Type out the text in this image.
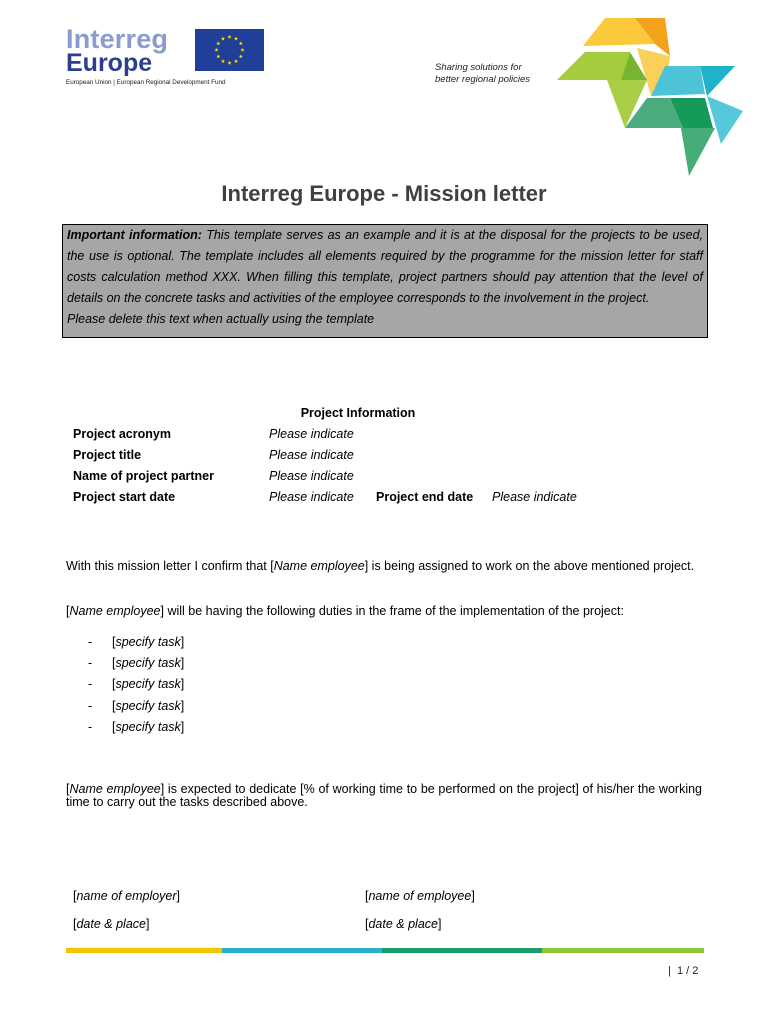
Interreg
Europe
European Union | European Regional Development Fund
Sharing solutions for
better regional policies
Interreg Europe - Mission letter

Important information: This template serves as an example and it is at the disposal for the projects to be used, the use is optional. The template includes all elements required by the programme for the mission letter for staff costs calculation method XXX. When filling this template, project partners should pay attention that the level of details on the concrete tasks and activities of the employee corresponds to the involvement in the project.

Please delete this text when actually using the template

Project Information
Project acronym	Please indicate
Project title	Please indicate
Name of project partner	Please indicate
Project start date	Please indicate Project end date Please indicate
With this mission letter I confirm that [Name employee] is being assigned to work on the above mentioned project.
[Name employee] will be having the following duties in the frame of the implementation of the project:
- [specify task]
- [specify task]
- [specify task]
- [specify task]
- [specify task]
[Name employee] is expected to dedicate [% of working time to be performed on the project] of his/her the working time to carry out the tasks described above.
[name of employer]	[name of employee]
[date & place]	[date & place]
|  1 / 2
